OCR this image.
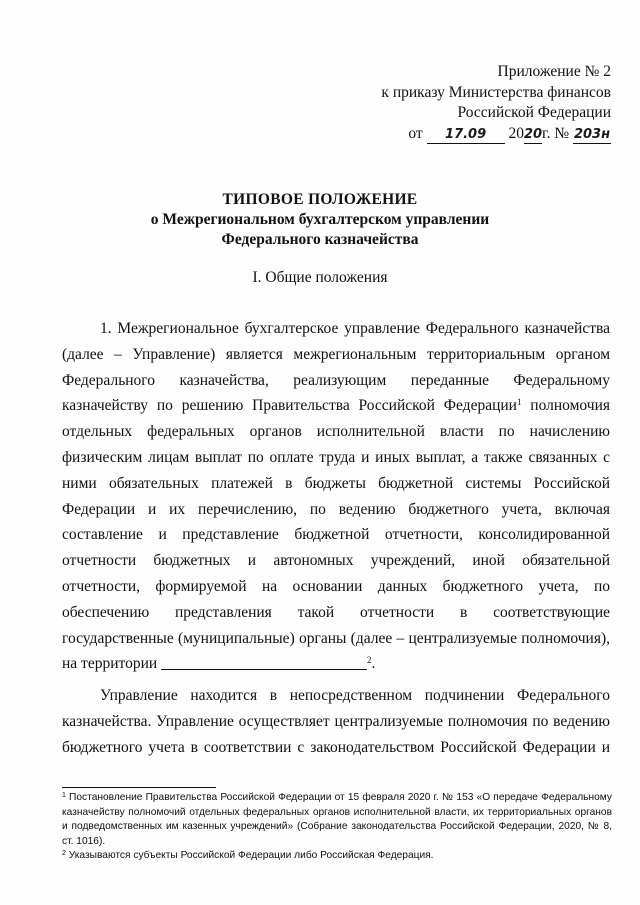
Приложение № 2
к приказу Министерства финансов
Российской Федерации
от 17.09 2020г. № 203н
ТИПОВОЕ ПОЛОЖЕНИЕ
о Межрегиональном бухгалтерском управлении
Федерального казначейства
I. Общие положения

1. Межрегиональное бухгалтерское управление Федерального казначейства (далее – Управление) является межрегиональным территориальным органом Федерального казначейства, реализующим переданные Федеральному казначейству по решению Правительства Российской Федерации$^1$ полномочия отдельных федеральных органов исполнительной власти по начислению физическим лицам выплат по оплате труда и иных выплат, а также связанных с ними обязательных платежей в бюджеты бюджетной системы Российской Федерации и их перечислению, по ведению бюджетного учета, включая составление и представление бюджетной отчетности, консолидированной отчетности бюджетных и автономных учреждений, иной обязательной отчетности, формируемой на основании данных бюджетного учета, по обеспечению представления такой отчетности в соответствующие государственные (муниципальные) органы (далее – централизуемые полномочия), на территории	$^2$.

Управление находится в непосредственном подчинении Федерального казначейства. Управление осуществляет централизуемые полномочия по ведению бюджетного учета в соответствии с законодательством Российской Федерации и

$^1$ Постановление Правительства Российской Федерации от 15 февраля 2020 г. № 153 «О передаче Федеральному казначейству полномочий отдельных федеральных органов исполнительной власти, их территориальных органов и подведомственных им казенных учреждений» (Собрание законодательства Российской Федерации, 2020, № 8, ст. 1016).

$^2$ Указываются субъекты Российской Федерации либо Российская Федерация.
